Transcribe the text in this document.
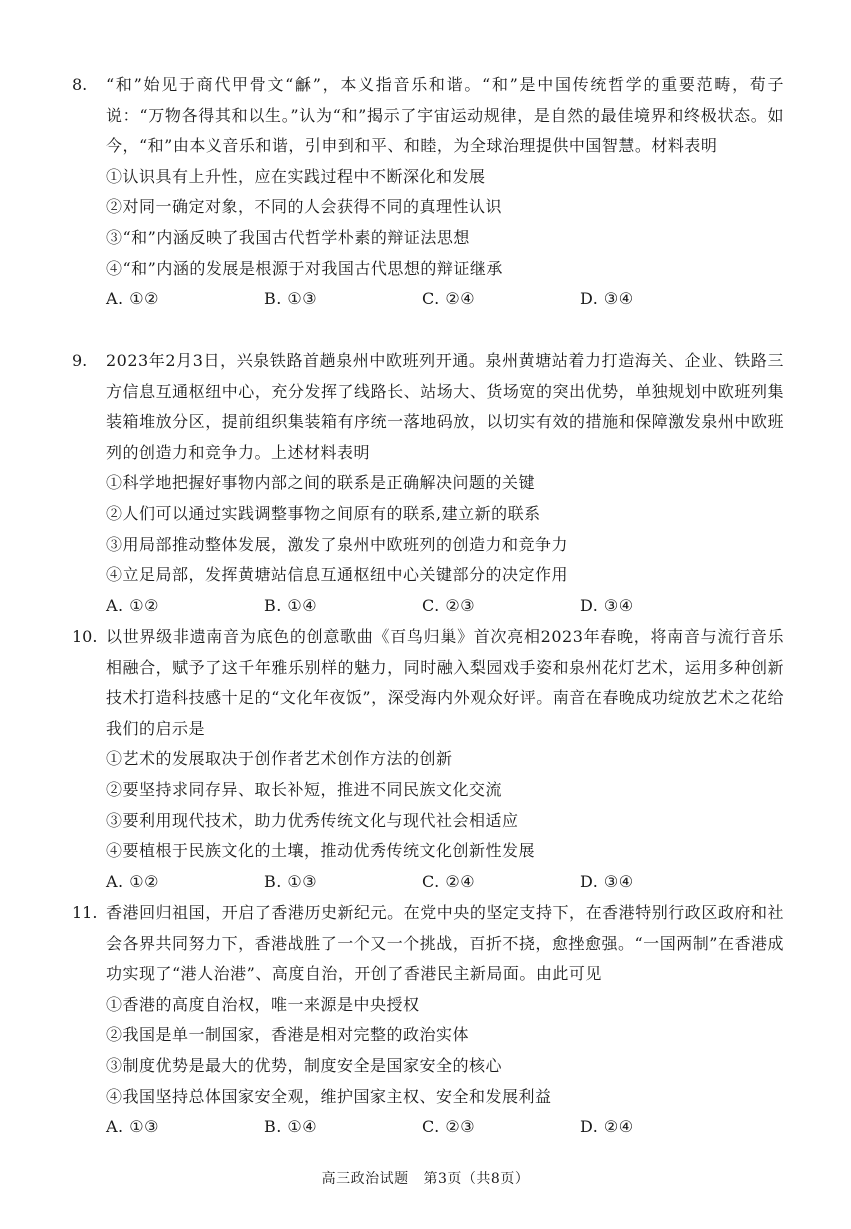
8. “和”始见于商代甲骨文“龢”，本义指音乐和谐。“和”是中国传统哲学的重要范畴，荀子说：“万物各得其和以生。”认为“和”揭示了宇宙运动规律，是自然的最佳境界和终极状态。如今，“和”由本义音乐和谐，引申到和平、和睦，为全球治理提供中国智慧。材料表明

①认识具有上升性，应在实践过程中不断深化和发展

②对同一确定对象，不同的人会获得不同的真理性认识

③“和”内涵反映了我国古代哲学朴素的辩证法思想

④“和”内涵的发展是根源于对我国古代思想的辩证继承

A. ①②	B. ①③	C. ②④	D. ③④
9. 2023年2月3日，兴泉铁路首趟泉州中欧班列开通。泉州黄塘站着力打造海关、企业、铁路三方信息互通枢纽中心，充分发挥了线路长、站场大、货场宽的突出优势，单独规划中欧班列集装箱堆放分区，提前组织集装箱有序统一落地码放，以切实有效的措施和保障激发泉州中欧班列的创造力和竞争力。上述材料表明

①科学地把握好事物内部之间的联系是正确解决问题的关键

②人们可以通过实践调整事物之间原有的联系,建立新的联系

③用局部推动整体发展，激发了泉州中欧班列的创造力和竞争力

④立足局部，发挥黄塘站信息互通枢纽中心关键部分的决定作用

A. ①②	B. ①④	C. ②③	D. ③④
10. 以世界级非遗南音为底色的创意歌曲《百鸟归巢》首次亮相2023年春晚，将南音与流行音乐相融合，赋予了这千年雅乐别样的魅力，同时融入梨园戏手姿和泉州花灯艺术，运用多种创新技术打造科技感十足的“文化年夜饭”，深受海内外观众好评。南音在春晚成功绽放艺术之花给我们的启示是

①艺术的发展取决于创作者艺术创作方法的创新

②要坚持求同存异、取长补短，推进不同民族文化交流

③要利用现代技术，助力优秀传统文化与现代社会相适应

④要植根于民族文化的土壤，推动优秀传统文化创新性发展

A. ①②	B. ①③	C. ②④	D. ③④
11. 香港回归祖国，开启了香港历史新纪元。在党中央的坚定支持下，在香港特别行政区政府和社会各界共同努力下，香港战胜了一个又一个挑战，百折不挠，愈挫愈强。“一国两制”在香港成功实现了“港人治港”、高度自治，开创了香港民主新局面。由此可见

①香港的高度自治权，唯一来源是中央授权

②我国是单一制国家，香港是相对完整的政治实体

③制度优势是最大的优势，制度安全是国家安全的核心

④我国坚持总体国家安全观，维护国家主权、安全和发展利益

A. ①③	B. ①④	C. ②③	D. ②④
高三政治试题   第3页（共8页）
